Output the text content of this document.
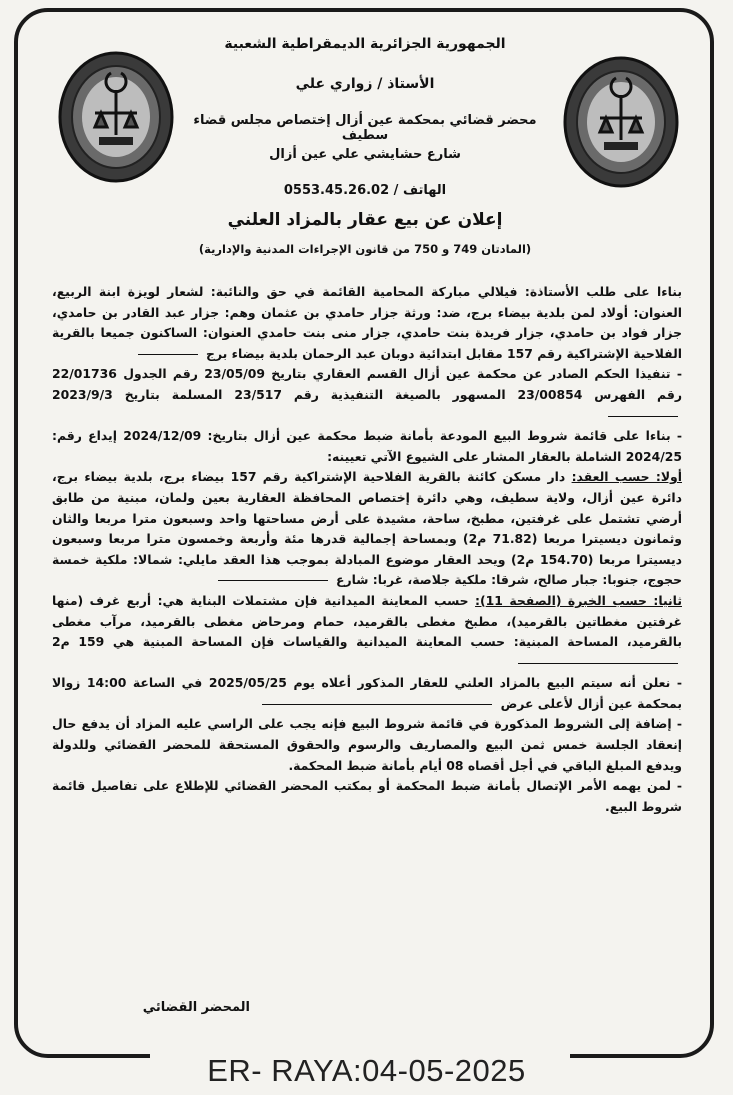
الجمهورية الجزائرية الديمقراطية الشعبية
الأستاذ / زواري علي
محضر قضائي بمحكمة عين أزال إختصاص مجلس قضاء سطيف
شارع حشايشي علي عين أزال
الهاتف / 0553.45.26.02
إعلان عن بيع عقار بالمزاد العلني
(المادتان 749 و 750 من قانون الإجراءات المدنية والإدارية)

بناءا على طلب الأستاذة: فيلالي مباركة المحامية القائمة في حق والنائبة: لشعار لويزة ابنة الربيع، العنوان: أولاد لمن بلدية بيضاء برج، ضد: ورثة جزار حامدي بن عثمان وهم: جزار عبد القادر بن حامدي، جزار فواد بن حامدي، جزار فريدة بنت حامدي، جزار منى بنت حامدي العنوان: الساكنون جميعا بالقرية الفلاحية الإشتراكية رقم 157 مقابل ابتدائية دوبان عبد الرحمان بلدية بيضاء برج

- تنفيذا الحكم الصادر عن محكمة عين أزال القسم العقاري بتاريخ 23/05/09 رقم الجدول 22/01736 رقم الفهرس 23/00854 المسهور بالصيغة التنفيذية رقم 23/517 المسلمة بتاريخ 2023/9/3

- بناءا على قائمة شروط البيع المودعة بأمانة ضبط محكمة عين أزال بتاريخ: 2024/12/09 إيداع رقم: 2024/25 الشاملة بالعقار المشار على الشيوع الآتي تعيينه:

أولا: حسب العقد: دار مسكن كائنة بالقرية الفلاحية الإشتراكية رقم 157 بيضاء برج، بلدية بيضاء برج، دائرة عين أزال، ولاية سطيف، وهي دائرة إختصاص المحافظة العقارية بعين ولمان، مبنية من طابق أرضي تشتمل على غرفتين، مطبخ، ساحة، مشيدة على أرض مساحتها واحد وسبعون مترا مربعا والثان وثمانون ديسيترا مربعا (71.82 م2) وبمساحة إجمالية قدرها مئة وأربعة وخمسون مترا مربعا وسبعون ديسيترا مربعا (154.70 م2) ويحد العقار موضوع المبادلة بموجب هذا العقد مايلي: شمالا: ملكية خمسة حجوج، جنوبا: جبار صالح، شرقا: ملكية جلاصة، غربا: شارع

ثانيا: حسب الخبرة (الصفحة 11): حسب المعاينة الميدانية فإن مشتملات البناية هي: أربع غرف (منها غرفتين مغطاتين بالقرميد)، مطبخ مغطى بالقرميد، حمام ومرحاض مغطى بالقرميد، مرآب مغطى بالقرميد، المساحة المبنية: حسب المعاينة الميدانية والقياسات فإن المساحة المبنية هي 159 م2

- نعلن أنه سيتم البيع بالمزاد العلني للعقار المذكور أعلاه يوم 2025/05/25 في الساعة 14:00 زوالا بمحكمة عين أزال لأعلى عرض

- إضافة إلى الشروط المذكورة في قائمة شروط البيع فإنه يجب على الراسي عليه المزاد أن يدفع حال إنعقاد الجلسة خمس ثمن البيع والمصاريف والرسوم والحقوق المستحقة للمحضر القضائي وللدولة ويدفع المبلغ الباقي في أجل أقصاه 08 أيام بأمانة ضبط المحكمة.

- لمن يهمه الأمر الإتصال بأمانة ضبط المحكمة أو بمكتب المحضر القضائي للإطلاع على تفاصيل قائمة شروط البيع.

المحضر القضائي
ER- RAYA:04-05-2025
